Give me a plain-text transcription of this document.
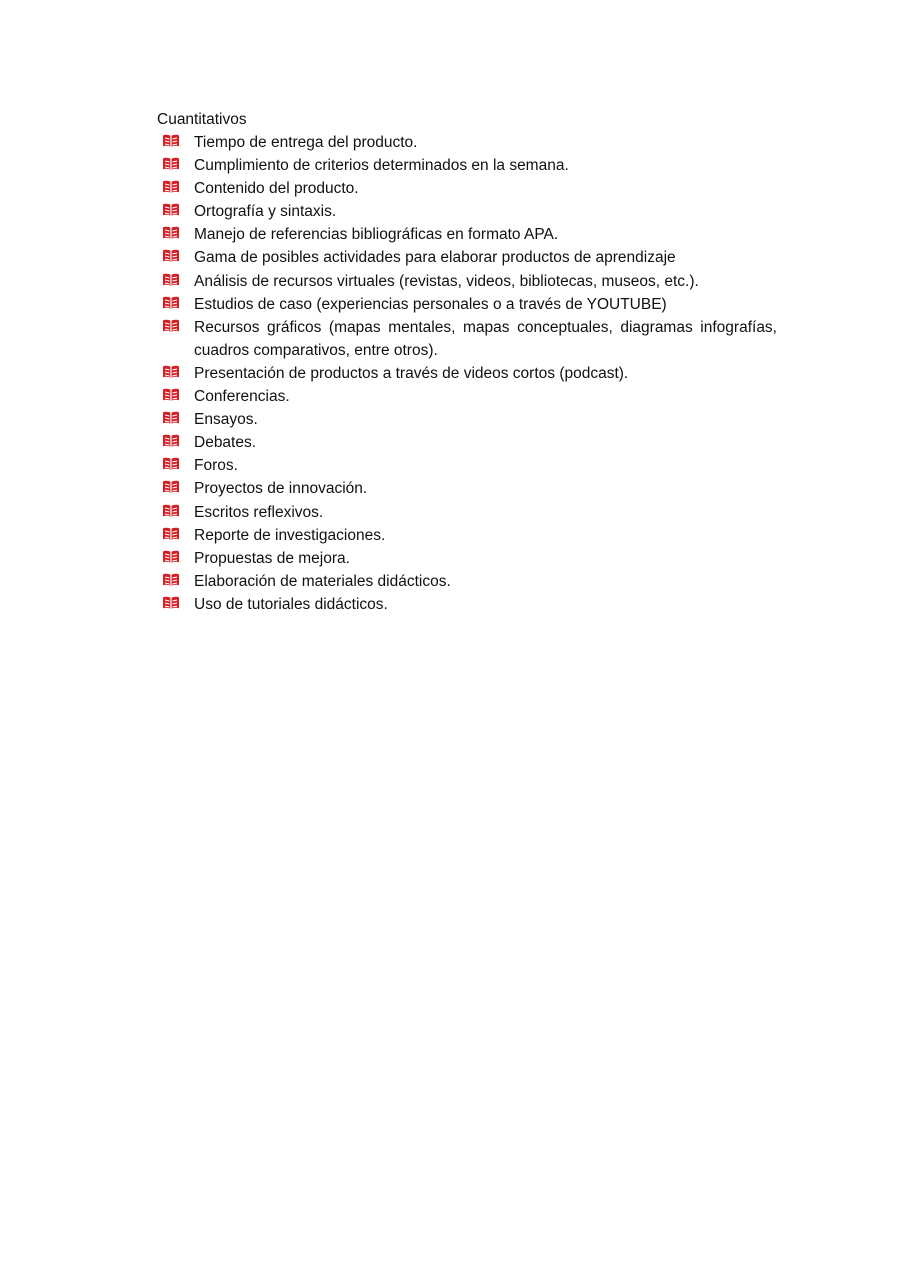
Cuantitativos

Tiempo de entrega del producto.
Cumplimiento de criterios determinados en la semana.
Contenido del producto.
Ortografía y sintaxis.
Manejo de referencias bibliográficas en formato APA.
Gama de posibles actividades para elaborar productos de aprendizaje
Análisis de recursos virtuales (revistas, videos, bibliotecas, museos, etc.).
Estudios de caso (experiencias personales o a través de YOUTUBE)
Recursos gráficos (mapas mentales, mapas conceptuales, diagramas infografías, cuadros comparativos, entre otros).
Presentación de productos a través de videos cortos (podcast).
Conferencias.
Ensayos.
Debates.
Foros.
Proyectos de innovación.
Escritos reflexivos.
Reporte de investigaciones.
Propuestas de mejora.
Elaboración de materiales didácticos.
Uso de tutoriales didácticos.
